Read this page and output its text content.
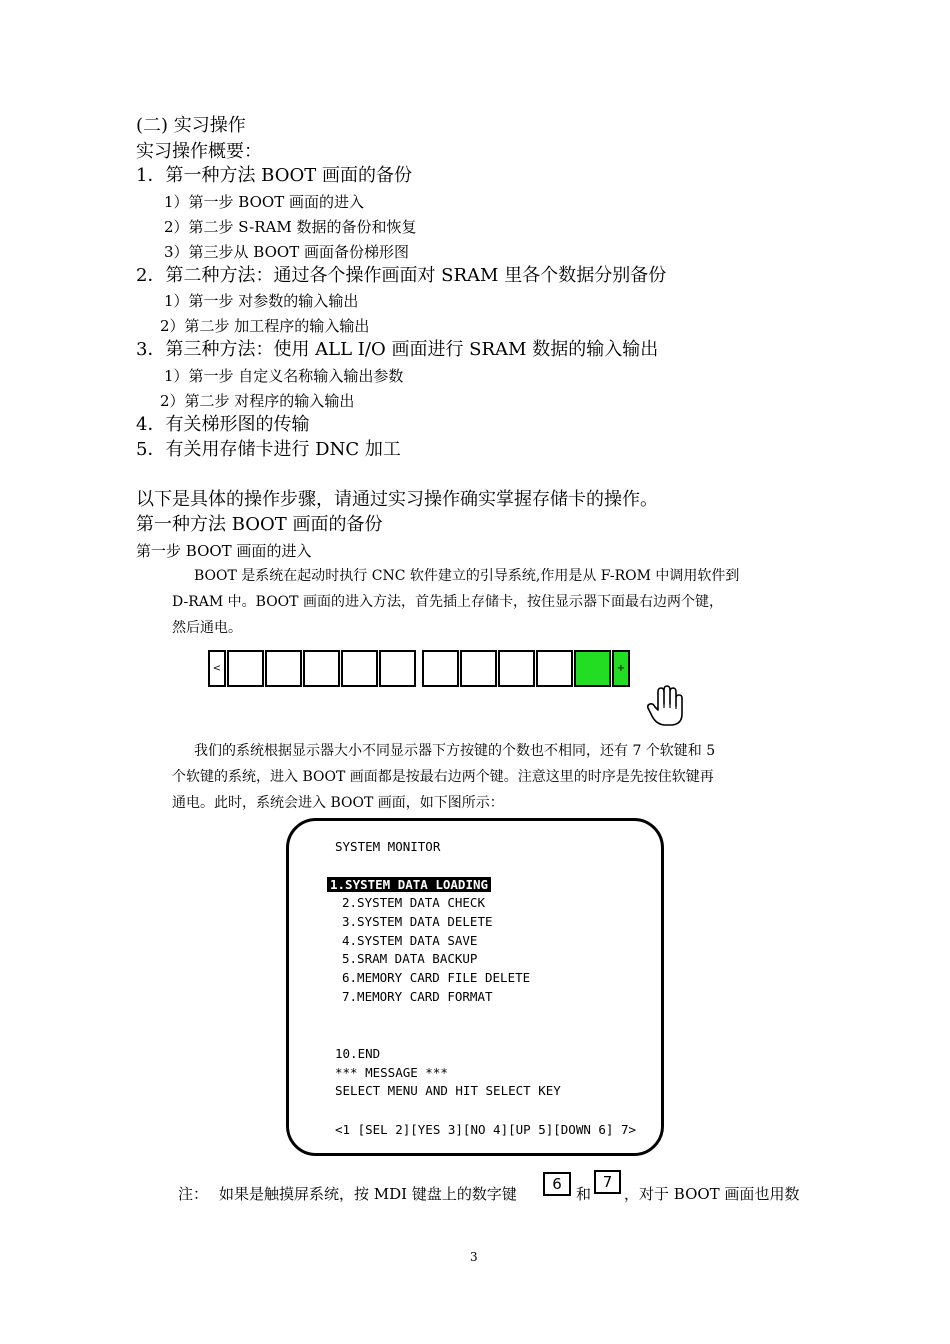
(二) 实习操作
实习操作概要：
1．第一种方法 BOOT 画面的备份
1）第一步 BOOT 画面的进入
2）第二步 S-RAM 数据的备份和恢复
3）第三步从 BOOT 画面备份梯形图
2．第二种方法：通过各个操作画面对 SRAM 里各个数据分别备份
1）第一步 对参数的输入输出
2）第二步 加工程序的输入输出
3．第三种方法：使用 ALL I/O 画面进行 SRAM 数据的输入输出
1）第一步 自定义名称输入输出参数
2）第二步 对程序的输入输出
4．有关梯形图的传输
5．有关用存储卡进行 DNC 加工
以下是具体的操作步骤，请通过实习操作确实掌握存储卡的操作。
第一种方法 BOOT 画面的备份
第一步 BOOT 画面的进入
BOOT 是系统在起动时执行 CNC 软件建立的引导系统,作用是从 F-ROM 中调用软件到
D-RAM 中。BOOT 画面的进入方法，首先插上存储卡，按住显示器下面最右边两个键，
然后通电。
<	+
我们的系统根据显示器大小不同显示器下方按键的个数也不相同，还有 7 个软键和 5
个软键的系统，进入 BOOT 画面都是按最右边两个键。注意这里的时序是先按住软键再
通电。此时，系统会进入 BOOT 画面，如下图所示：
SYSTEM MONITOR
1.SYSTEM DATA LOADING
2.SYSTEM DATA CHECK
3.SYSTEM DATA DELETE
4.SYSTEM DATA SAVE
5.SRAM DATA BACKUP
6.MEMORY CARD FILE DELETE
7.MEMORY CARD FORMAT
10.END
*** MESSAGE ***
SELECT MENU AND HIT SELECT KEY
<1 [SEL 2][YES 3][NO 4][UP 5][DOWN 6] 7>
注： 如果是触摸屏系统，按 MDI 键盘上的数字键
6
和
7
，对于 BOOT 画面也用数
3
